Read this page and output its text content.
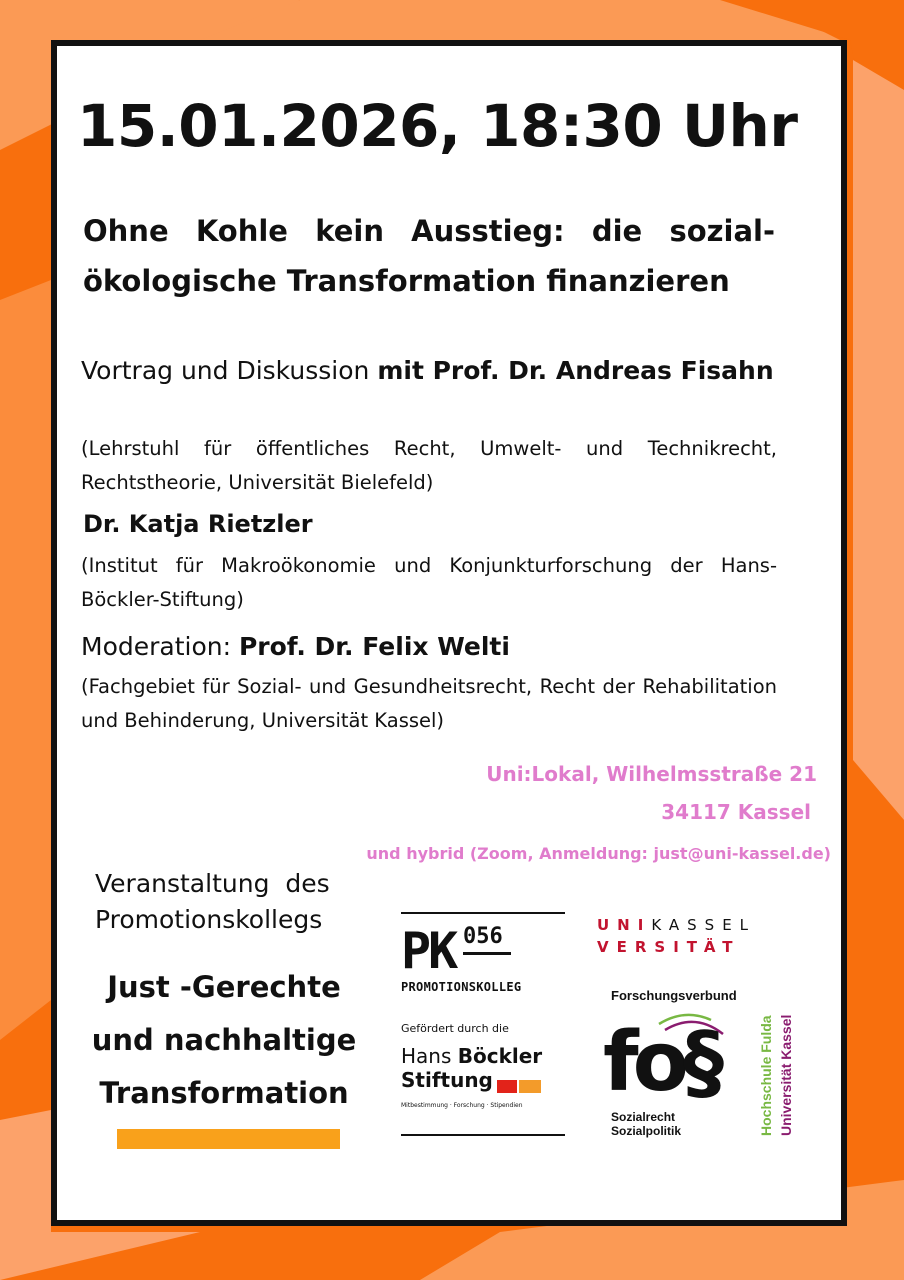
15.01.2026, 18:30 Uhr
Ohne Kohle kein Ausstieg: die sozial-ökologische Transformation finanzieren
Vortrag und Diskussion mit Prof. Dr. Andreas Fisahn
(Lehrstuhl für öffentliches Recht, Umwelt- und Technikrecht, Rechtstheorie, Universität Bielefeld)
Dr. Katja Rietzler
(Institut für Makroökonomie und Konjunkturforschung der Hans-Böckler-Stiftung)
Moderation: Prof. Dr. Felix Welti
(Fachgebiet für Sozial- und Gesundheitsrecht, Recht der Rehabilitation und Behinderung, Universität Kassel)
Uni:Lokal, Wilhelmsstraße 21
34117 Kassel
und hybrid (Zoom, Anmeldung: just@uni-kassel.de)
Veranstaltung  des
Promotionskollegs
Just -Gerechte
und nachhaltige
Transformation
PK 056
PROMOTIONSKOLLEG
Gefördert durch die
Hans Böckler
Stiftung
Mitbestimmung · Forschung · Stipendien
UNIKASSEL
VERSITÄT
Forschungsverbund
fo§
Sozialrecht
Sozialpolitik	Hochschule Fulda Universität Kassel
